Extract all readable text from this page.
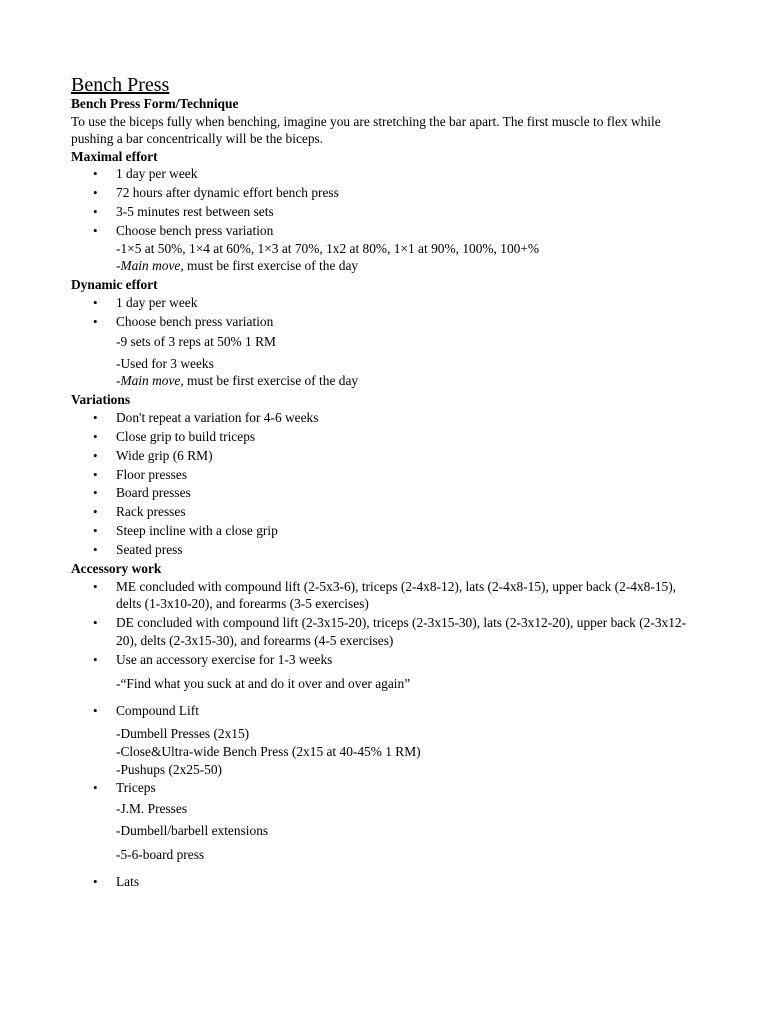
Bench Press

Bench Press Form/Technique

To use the biceps fully when benching, imagine you are stretching the bar apart. The first muscle to flex while pushing a bar concentrically will be the biceps.

Maximal effort

• 1 day per week
• 72 hours after dynamic effort bench press
• 3-5 minutes rest between sets
• Choose bench press variation
-1×5 at 50%, 1×4 at 60%, 1×3 at 70%, 1x2 at 80%, 1×1 at 90%, 100%, 100+%
-Main move, must be first exercise of the day

Dynamic effort

• 1 day per week
• Choose bench press variation
-9 sets of 3 reps at 50% 1 RM
-Used for 3 weeks
-Main move, must be first exercise of the day

Variations

• Don't repeat a variation for 4-6 weeks
• Close grip to build triceps
• Wide grip (6 RM)
• Floor presses
• Board presses
• Rack presses
• Steep incline with a close grip
• Seated press

Accessory work

• ME concluded with compound lift (2-5x3-6), triceps (2-4x8-12), lats (2-4x8-15), upper back (2-4x8-15), delts (1-3x10-20), and forearms (3-5 exercises)
• DE concluded with compound lift (2-3x15-20), triceps (2-3x15-30), lats (2-3x12-20), upper back (2-3x12-20), delts (2-3x15-30), and forearms (4-5 exercises)
• Use an accessory exercise for 1-3 weeks
-“Find what you suck at and do it over and over again”
• Compound Lift
-Dumbell Presses (2x15)
-Close&Ultra-wide Bench Press (2x15 at 40-45% 1 RM)
-Pushups (2x25-50)
• Triceps
-J.M. Presses
-Dumbell/barbell extensions
-5-6-board press
• Lats
